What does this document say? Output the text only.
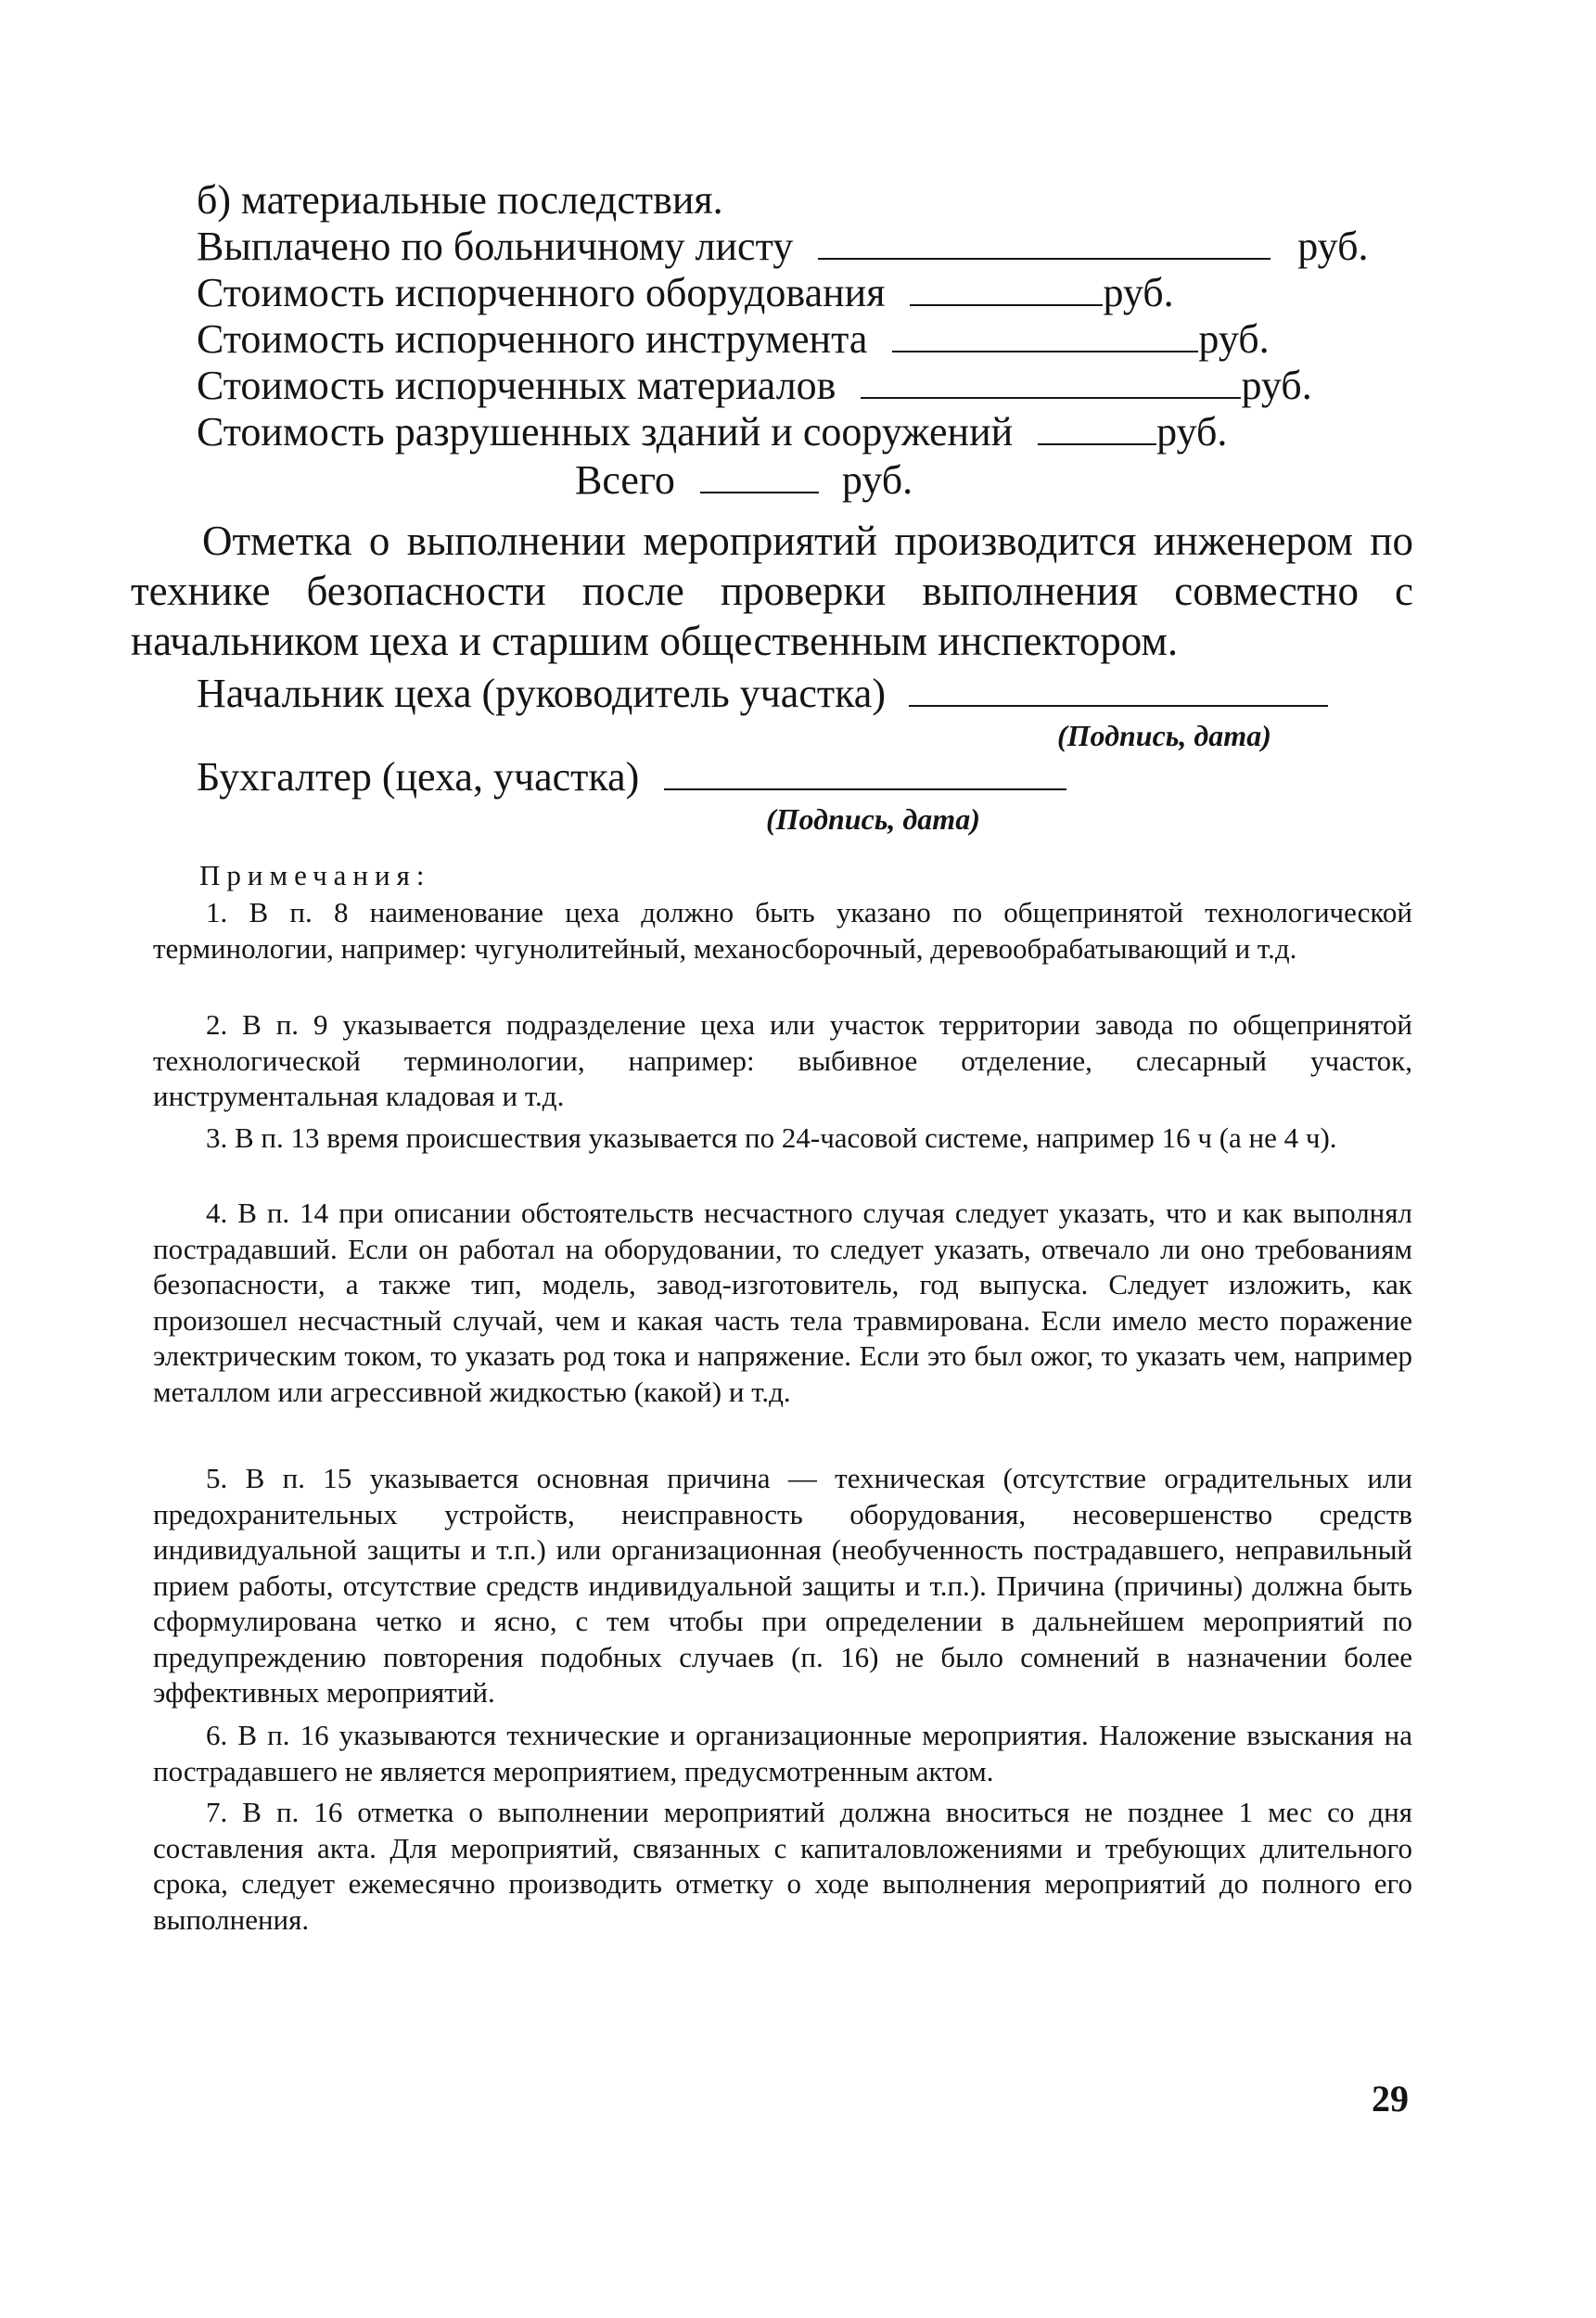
б) материальные последствия.
Выплачено по больничному листу	руб.
Стоимость испорченного оборудования	руб.
Стоимость испорченного инструмента	руб.
Стоимость испорченных материалов	руб.
Стоимость разрушенных зданий и сооружений	руб.
Всего	руб.

Отметка о выполнении мероприятий производится инженером по технике безопасности после проверки выполнения совместно с начальником цеха и старшим общественным инспектором.

Начальник цеха (руководитель участка)
(Подпись, дата)
Бухгалтер (цеха, участка)
(Подпись, дата)
Примечания:

1. В п. 8 наименование цеха должно быть указано по общепринятой технологической терминологии, например: чугунолитейный, механосборочный, деревообрабатывающий и т.д.

2. В п. 9 указывается подразделение цеха или участок территории завода по общепринятой технологической терминологии, например: выбивное отделение, слесарный участок, инструментальная кладовая и т.д.

3. В п. 13 время происшествия указывается по 24-часовой системе, например 16 ч (а не 4 ч).

4. В п. 14 при описании обстоятельств несчастного случая следует указать, что и как выполнял пострадавший. Если он работал на оборудовании, то следует указать, отвечало ли оно требованиям безопасности, а также тип, модель, завод-изготовитель, год выпуска. Следует изложить, как произошел несчастный случай, чем и какая часть тела травмирована. Если имело место поражение электрическим током, то указать род тока и напряжение. Если это был ожог, то указать чем, например металлом или агрессивной жидкостью (какой) и т.д.

5. В п. 15 указывается основная причина — техническая (отсутствие оградительных или предохранительных устройств, неисправность оборудования, несовершенство средств индивидуальной защиты и т.п.) или организационная (необученность пострадавшего, неправильный прием работы, отсутствие средств индивидуальной защиты и т.п.). Причина (причины) должна быть сформулирована четко и ясно, с тем чтобы при определении в дальнейшем мероприятий по предупреждению повторения подобных случаев (п. 16) не было сомнений в назначении более эффективных мероприятий.

6. В п. 16 указываются технические и организационные мероприятия. Наложение взыскания на пострадавшего не является мероприятием, предусмотренным актом.

7. В п. 16 отметка о выполнении мероприятий должна вноситься не позднее 1 мес со дня составления акта. Для мероприятий, связанных с капиталовложениями и требующих длительного срока, следует ежемесячно производить отметку о ходе выполнения мероприятий до полного его выполнения.

29
